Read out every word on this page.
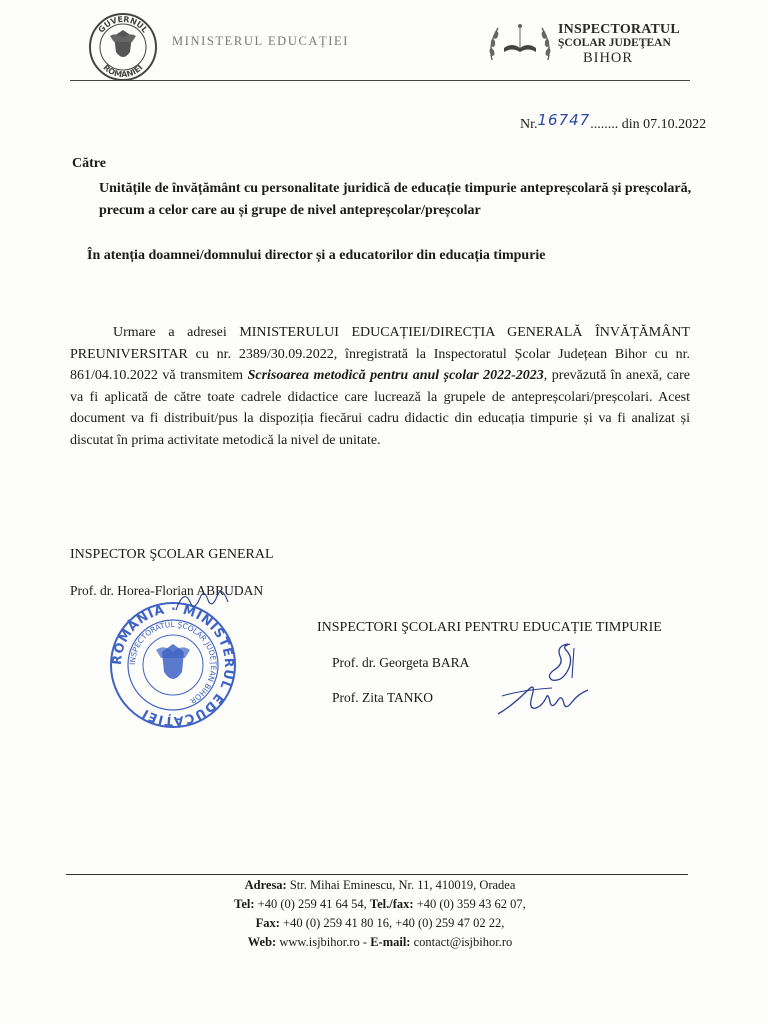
GUVERNUL
ROMÂNIEI
MINISTERUL EDUCAȚIEI
INSPECTORATUL
ŞCOLAR JUDEŢEAN
BIHOR
Nr.16747........ din 07.10.2022
Către
Unitățile de învățământ cu personalitate juridică de educație timpurie antepreșcolară și preșcolară, precum a celor care au și grupe de nivel antepreșcolar/preșcolar
În atenția doamnei/domnului director și a educatorilor din educația timpurie
Urmare a adresei MINISTERULUI EDUCAȚIEI/DIRECȚIA GENERALĂ ÎNVĂȚĂMÂNT PREUNIVERSITAR cu nr. 2389/30.09.2022, înregistrată la Inspectoratul Școlar Județean Bihor cu nr. 861/04.10.2022 vă transmitem Scrisoarea metodică pentru anul școlar 2022-2023, prevăzută în anexă, care va fi aplicată de către toate cadrele didactice care lucrează la grupele de antepreșcolari/preșcolari. Acest document va fi distribuit/pus la dispoziția fiecărui cadru didactic din educația timpurie și va fi analizat și discutat în prima activitate metodică la nivel de unitate.
INSPECTOR ŞCOLAR GENERAL
Prof. dr. Horea-Florian ABRUDAN
ROMÂNIA · MINISTERUL EDUCAȚIEI
INSPECTORATUL ŞCOLAR JUDEŢEAN BIHOR
INSPECTORI ŞCOLARI PENTRU EDUCAȚIE TIMPURIE
Prof. dr. Georgeta BARA
Prof. Zita TANKO
Adresa: Str. Mihai Eminescu, Nr. 11, 410019, Oradea
Tel: +40 (0) 259 41 64 54, Tel./fax: +40 (0) 359 43 62 07,
Fax: +40 (0) 259 41 80 16, +40 (0) 259 47 02 22,
Web: www.isjbihor.ro - E-mail: contact@isjbihor.ro
